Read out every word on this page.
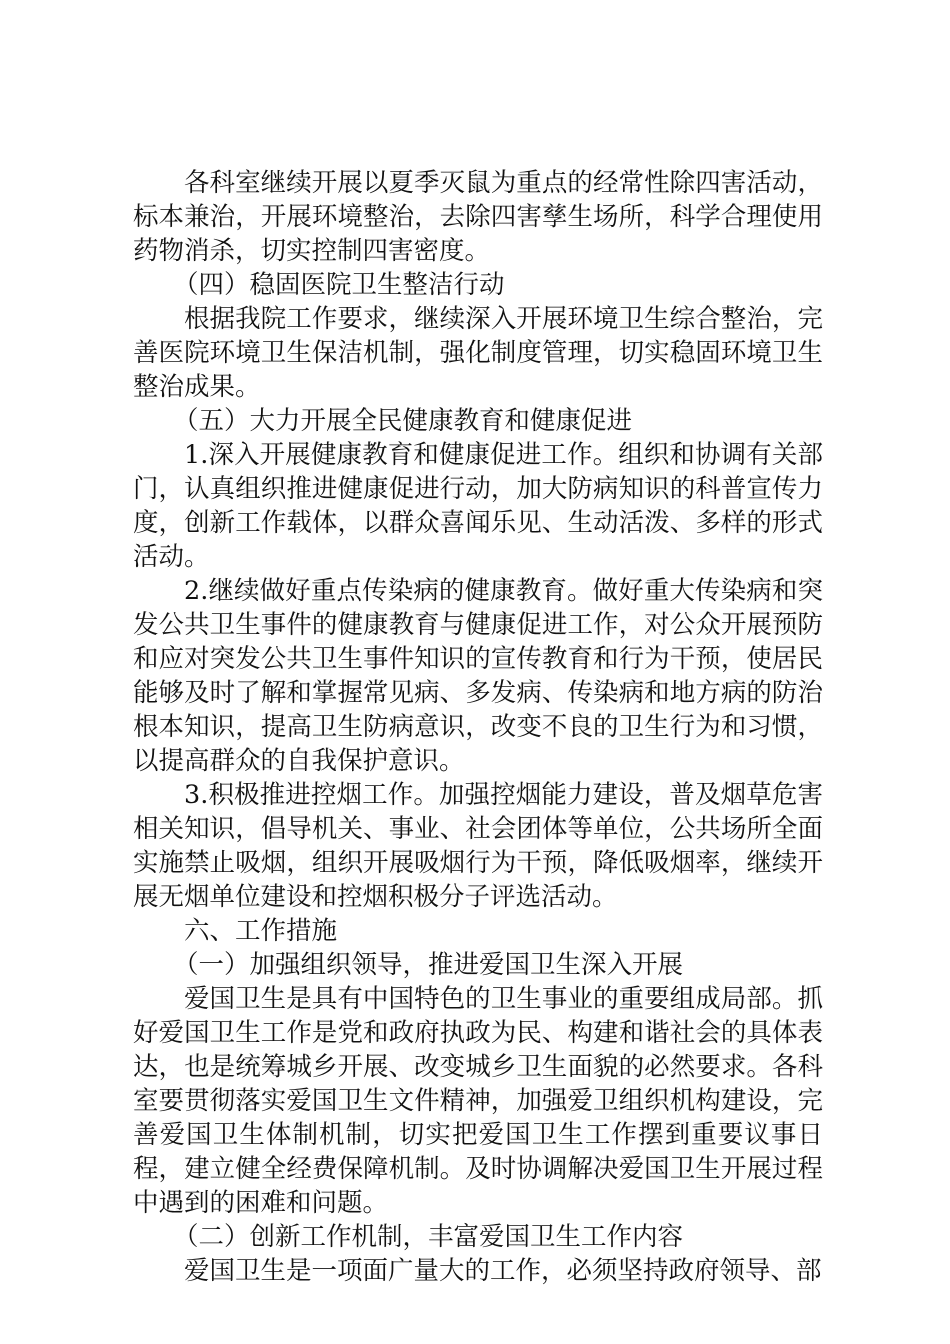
各科室继续开展以夏季灭鼠为重点的经常性除四害活动，标本兼治，开展环境整治，去除四害孳生场所，科学合理使用药物消杀，切实控制四害密度。

（四）稳固医院卫生整洁行动

根据我院工作要求，继续深入开展环境卫生综合整治，完善医院环境卫生保洁机制，强化制度管理，切实稳固环境卫生整治成果。

（五）大力开展全民健康教育和健康促进

1.深入开展健康教育和健康促进工作。组织和协调有关部门，认真组织推进健康促进行动，加大防病知识的科普宣传力度，创新工作载体，以群众喜闻乐见、生动活泼、多样的形式活动。

2.继续做好重点传染病的健康教育。做好重大传染病和突发公共卫生事件的健康教育与健康促进工作，对公众开展预防和应对突发公共卫生事件知识的宣传教育和行为干预，使居民能够及时了解和掌握常见病、多发病、传染病和地方病的防治根本知识，提高卫生防病意识，改变不良的卫生行为和习惯，以提高群众的自我保护意识。

3.积极推进控烟工作。加强控烟能力建设，普及烟草危害相关知识，倡导机关、事业、社会团体等单位，公共场所全面实施禁止吸烟，组织开展吸烟行为干预，降低吸烟率，继续开展无烟单位建设和控烟积极分子评选活动。

六、工作措施

（一）加强组织领导，推进爱国卫生深入开展

爱国卫生是具有中国特色的卫生事业的重要组成局部。抓好爱国卫生工作是党和政府执政为民、构建和谐社会的具体表达，也是统筹城乡开展、改变城乡卫生面貌的必然要求。各科室要贯彻落实爱国卫生文件精神，加强爱卫组织机构建设，完善爱国卫生体制机制，切实把爱国卫生工作摆到重要议事日程，建立健全经费保障机制。及时协调解决爱国卫生开展过程中遇到的困难和问题。

（二）创新工作机制，丰富爱国卫生工作内容

爱国卫生是一项面广量大的工作，必须坚持政府领导、部
